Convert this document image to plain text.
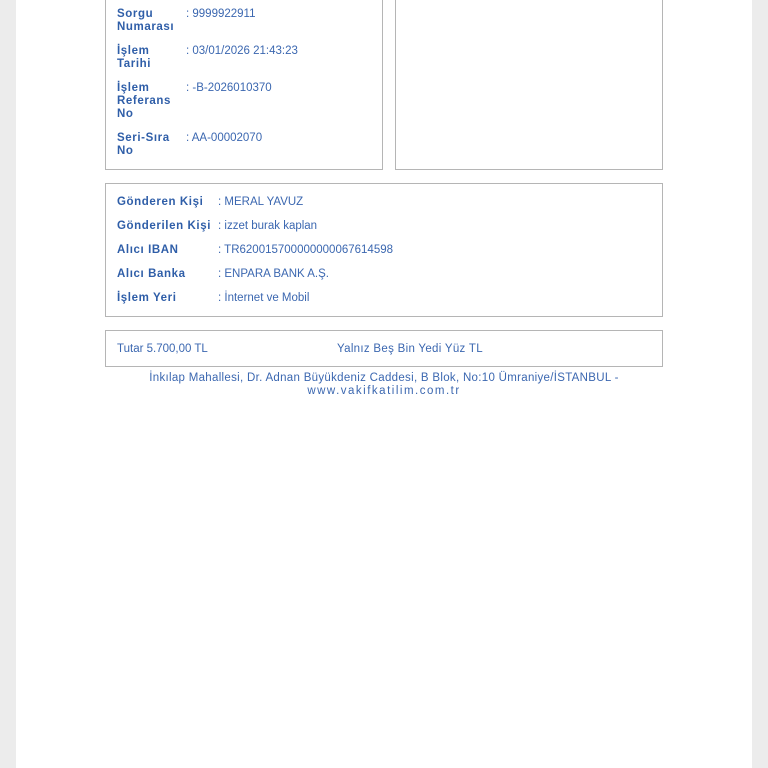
Sorgu Numarası
: 9999922911
İşlem Tarihi
: 03/01/2026 21:43:23
İşlem Referans No
: -B-2026010370
Seri-Sıra No
: AA-00002070
Gönderen Kişi : MERAL YAVUZ
Gönderilen Kişi : izzet burak kaplan
Alıcı IBAN	: TR620015700000000067614598
Alıcı Banka	: ENPARA BANK A.Ş.
İşlem Yeri	: İnternet ve Mobil
Tutar 5.700,00 TL	Yalnız Beş Bin Yedi Yüz TL
İnkılap Mahallesi, Dr. Adnan Büyükdeniz Caddesi, B Blok, No:10 Ümraniye/İSTANBUL -
www.vakifkatilim.com.tr
